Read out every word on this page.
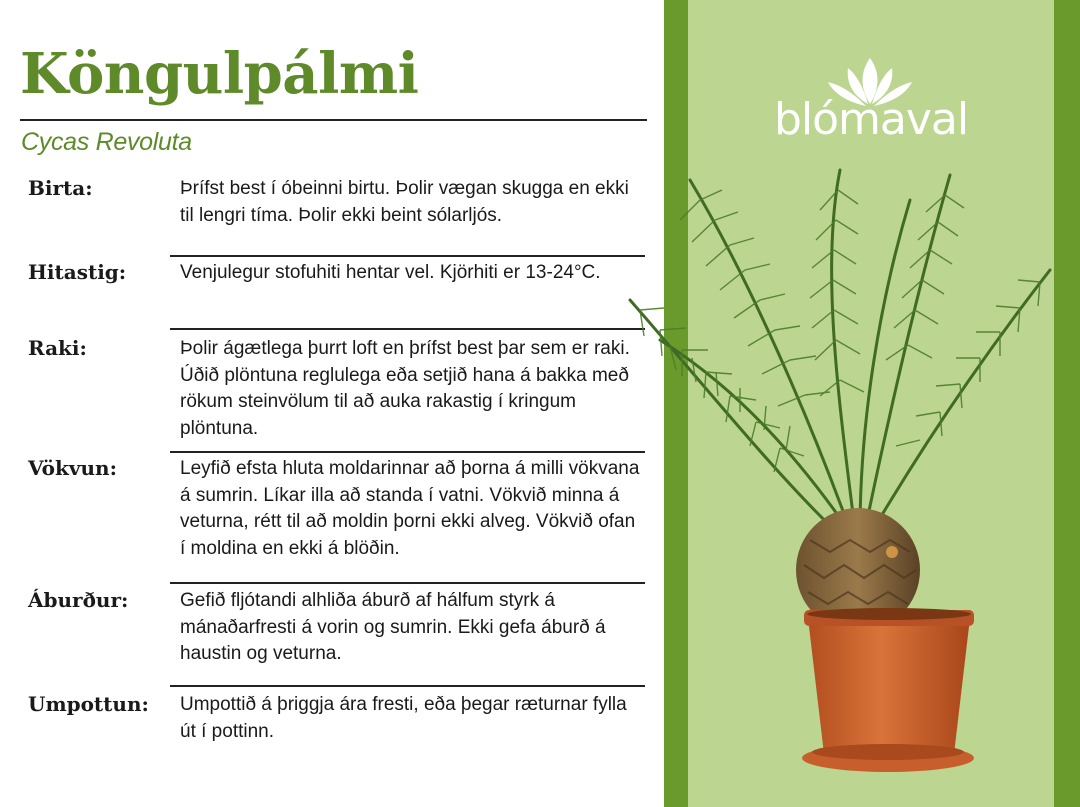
Köngulpálmi
Cycas Revoluta
Birta:	Þrífst best í óbeinni birtu. Þolir vægan skugga en ekki til lengri tíma. Þolir ekki beint sólarljós.
Hitastig:	Venjulegur stofuhiti hentar vel. Kjörhiti er 13-24°C.
Raki:	Þolir ágætlega þurrt loft en þrífst best þar sem er raki. Úðið plöntuna reglulega eða setjið hana á bakka með rökum steinvölum til að auka rakastig í kringum plöntuna.
Vökvun:	Leyfið efsta hluta moldarinnar að þorna á milli vökvana á sumrin. Líkar illa að standa í vatni. Vökvið minna á veturna, rétt til að moldin þorni ekki alveg. Vökvið ofan í moldina en ekki á blöðin.
Áburður:	Gefið fljótandi alhliða áburð af hálfum styrk á mánaðarfresti á vorin og sumrin. Ekki gefa áburð á haustin og veturna.
Umpottun: Umpottið á þriggja ára fresti, eða þegar ræturnar fylla út í pottinn.
blómaval
